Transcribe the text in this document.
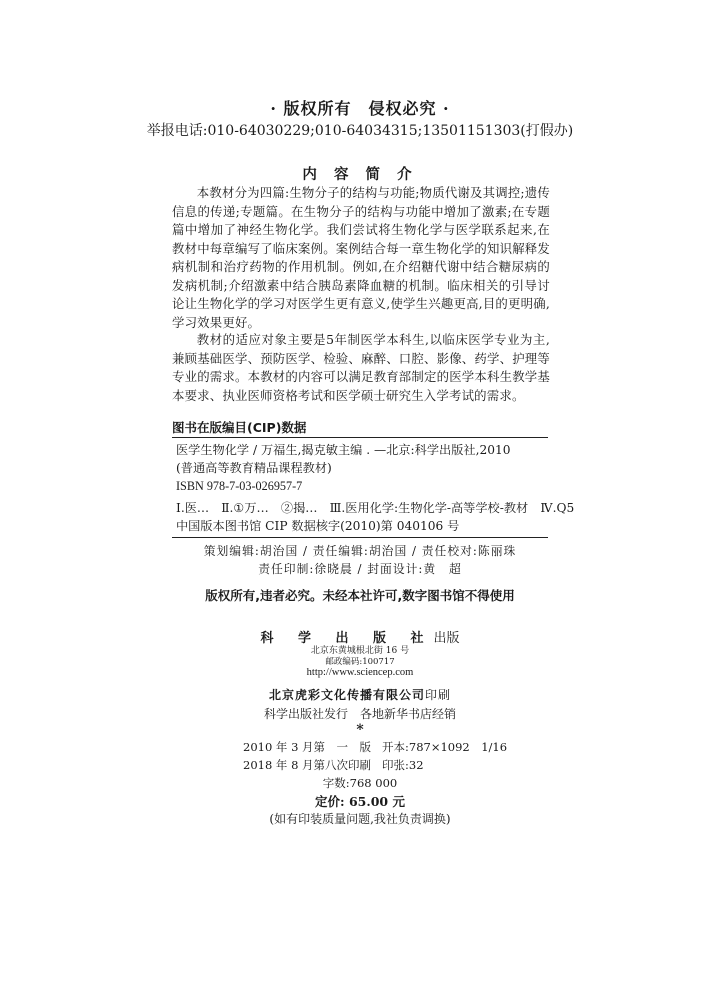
· 版权所有　侵权必究 ·
举报电话:010-64030229;010-64034315;13501151303(打假办)
内 容 简 介
本教材分为四篇:生物分子的结构与功能;物质代谢及其调控;遗传信息的传递;专题篇。在生物分子的结构与功能中增加了激素;在专题篇中增加了神经生物化学。我们尝试将生物化学与医学联系起来,在教材中每章编写了临床案例。案例结合每一章生物化学的知识解释发病机制和治疗药物的作用机制。例如,在介绍糖代谢中结合糖尿病的发病机制;介绍激素中结合胰岛素降血糖的机制。临床相关的引导讨论让生物化学的学习对医学生更有意义,使学生兴趣更高,目的更明确,学习效果更好。
教材的适应对象主要是5年制医学本科生,以临床医学专业为主,兼顾基础医学、预防医学、检验、麻醉、口腔、影像、药学、护理等专业的需求。本教材的内容可以满足教育部制定的医学本科生教学基本要求、执业医师资格考试和医学硕士研究生入学考试的需求。
图书在版编目(CIP)数据
医学生物化学 / 万福生,揭克敏主编 . —北京:科学出版社,2010
(普通高等教育精品课程教材)
ISBN 978-7-03-026957-7
Ⅰ.医…　Ⅱ.①万…　②揭…　Ⅲ.医用化学:生物化学-高等学校-教材　Ⅳ.Q5
中国版本图书馆 CIP 数据核字(2010)第 040106 号
策划编辑:胡治国 / 责任编辑:胡治国 / 责任校对:陈丽珠
责任印制:徐晓晨 / 封面设计:黄　超
版权所有,违者必究。未经本社许可,数字图书馆不得使用
科 学 出 版 社出版
北京东黄城根北街 16 号
邮政编码:100717
http://www.sciencep.com
北京虎彩文化传播有限公司印刷
科学出版社发行　各地新华书店经销
*
2010 年 3 月第　一　版 开本:787×1092　1/16
2018 年 8 月第八次印刷 印张:32
字数:768 000
定价: 65.00 元
(如有印装质量问题,我社负责调换)
